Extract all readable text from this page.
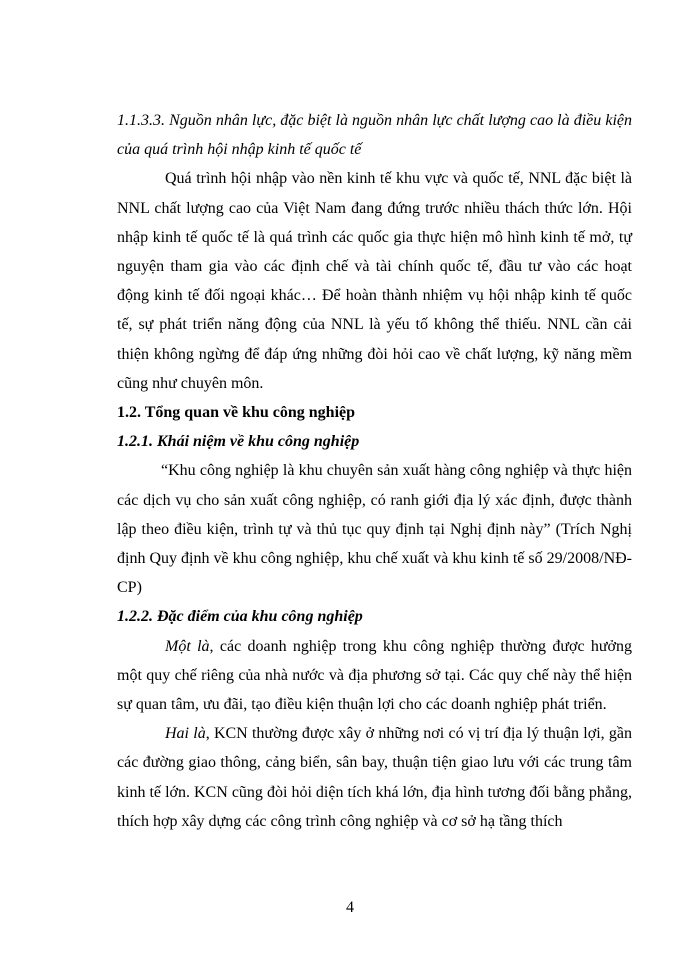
1.1.3.3. Nguồn nhân lực, đặc biệt là nguồn nhân lực chất lượng cao là điều kiện của quá trình hội nhập kinh tế quốc tế

Quá trình hội nhập vào nền kinh tế khu vực và quốc tế, NNL đặc biệt là NNL chất lượng cao của Việt Nam đang đứng trước nhiều thách thức lớn. Hội nhập kinh tế quốc tế là quá trình các quốc gia thực hiện mô hình kinh tế mở, tự nguyện tham gia vào các định chế và tài chính quốc tế, đầu tư vào các hoạt động kinh tế đối ngoại khác… Để hoàn thành nhiệm vụ hội nhập kinh tế quốc tế, sự phát triển năng động của NNL là yếu tố không thể thiếu. NNL cần cải thiện không ngừng để đáp ứng những đòi hỏi cao về chất lượng, kỹ năng mềm cũng như chuyên môn.

1.2. Tổng quan về khu công nghiệp

1.2.1. Khái niệm về khu công nghiệp

“Khu công nghiệp là khu chuyên sản xuất hàng công nghiệp và thực hiện các dịch vụ cho sản xuất công nghiệp, có ranh giới địa lý xác định, được thành lập theo điều kiện, trình tự và thủ tục quy định tại Nghị định này” (Trích Nghị định Quy định về khu công nghiệp, khu chế xuất và khu kinh tế số 29/2008/NĐ-CP)

1.2.2. Đặc điểm của khu công nghiệp

Một là, các doanh nghiệp trong khu công nghiệp thường được hưởng một quy chế riêng của nhà nước và địa phương sở tại. Các quy chế này thể hiện sự quan tâm, ưu đãi, tạo điều kiện thuận lợi cho các doanh nghiệp phát triển.

Hai là, KCN thường được xây ở những nơi có vị trí địa lý thuận lợi, gần các đường giao thông, cảng biển, sân bay, thuận tiện giao lưu với các trung tâm kinh tế lớn. KCN cũng đòi hỏi diện tích khá lớn, địa hình tương đối bằng phẳng, thích hợp xây dựng các công trình công nghiệp và cơ sở hạ tầng thích

4
